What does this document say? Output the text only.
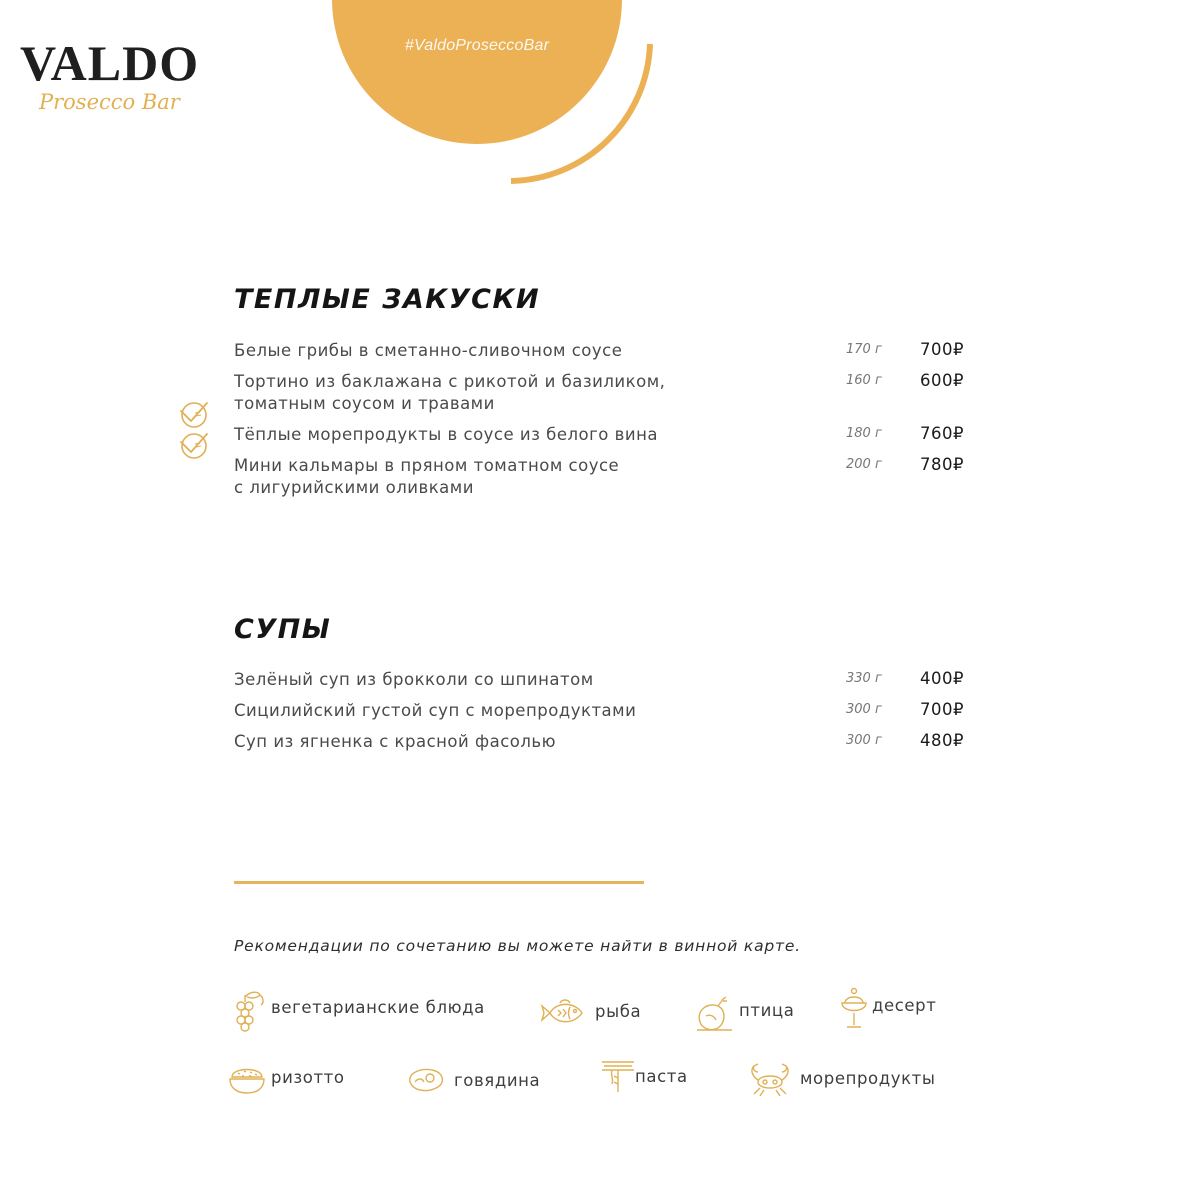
#ValdoProseccoBar
VALDO
Prosecco Bar
ТЕПЛЫЕ ЗАКУСКИ
Белые грибы в сметанно-сливочном соусе	170 г 700₽
Тортино из баклажана с рикотой и базиликом,
томатным соусом и травами
160 г 600₽
Тёплые морепродукты в соусе из белого вина	180 г 760₽
Мини кальмары в пряном томатном соусе
с лигурийскими оливками
200 г 780₽
СУПЫ
Зелёный суп из брокколи со шпинатом	330 г 400₽
Сицилийский густой суп с морепродуктами	300 г 700₽
Суп из ягненка с красной фасолью	300 г 480₽
Рекомендации по сочетанию вы можете найти в винной карте.
вегетарианские блюда	рыба	птица	десерт
ризотто	говядина	паста	морепродукты
